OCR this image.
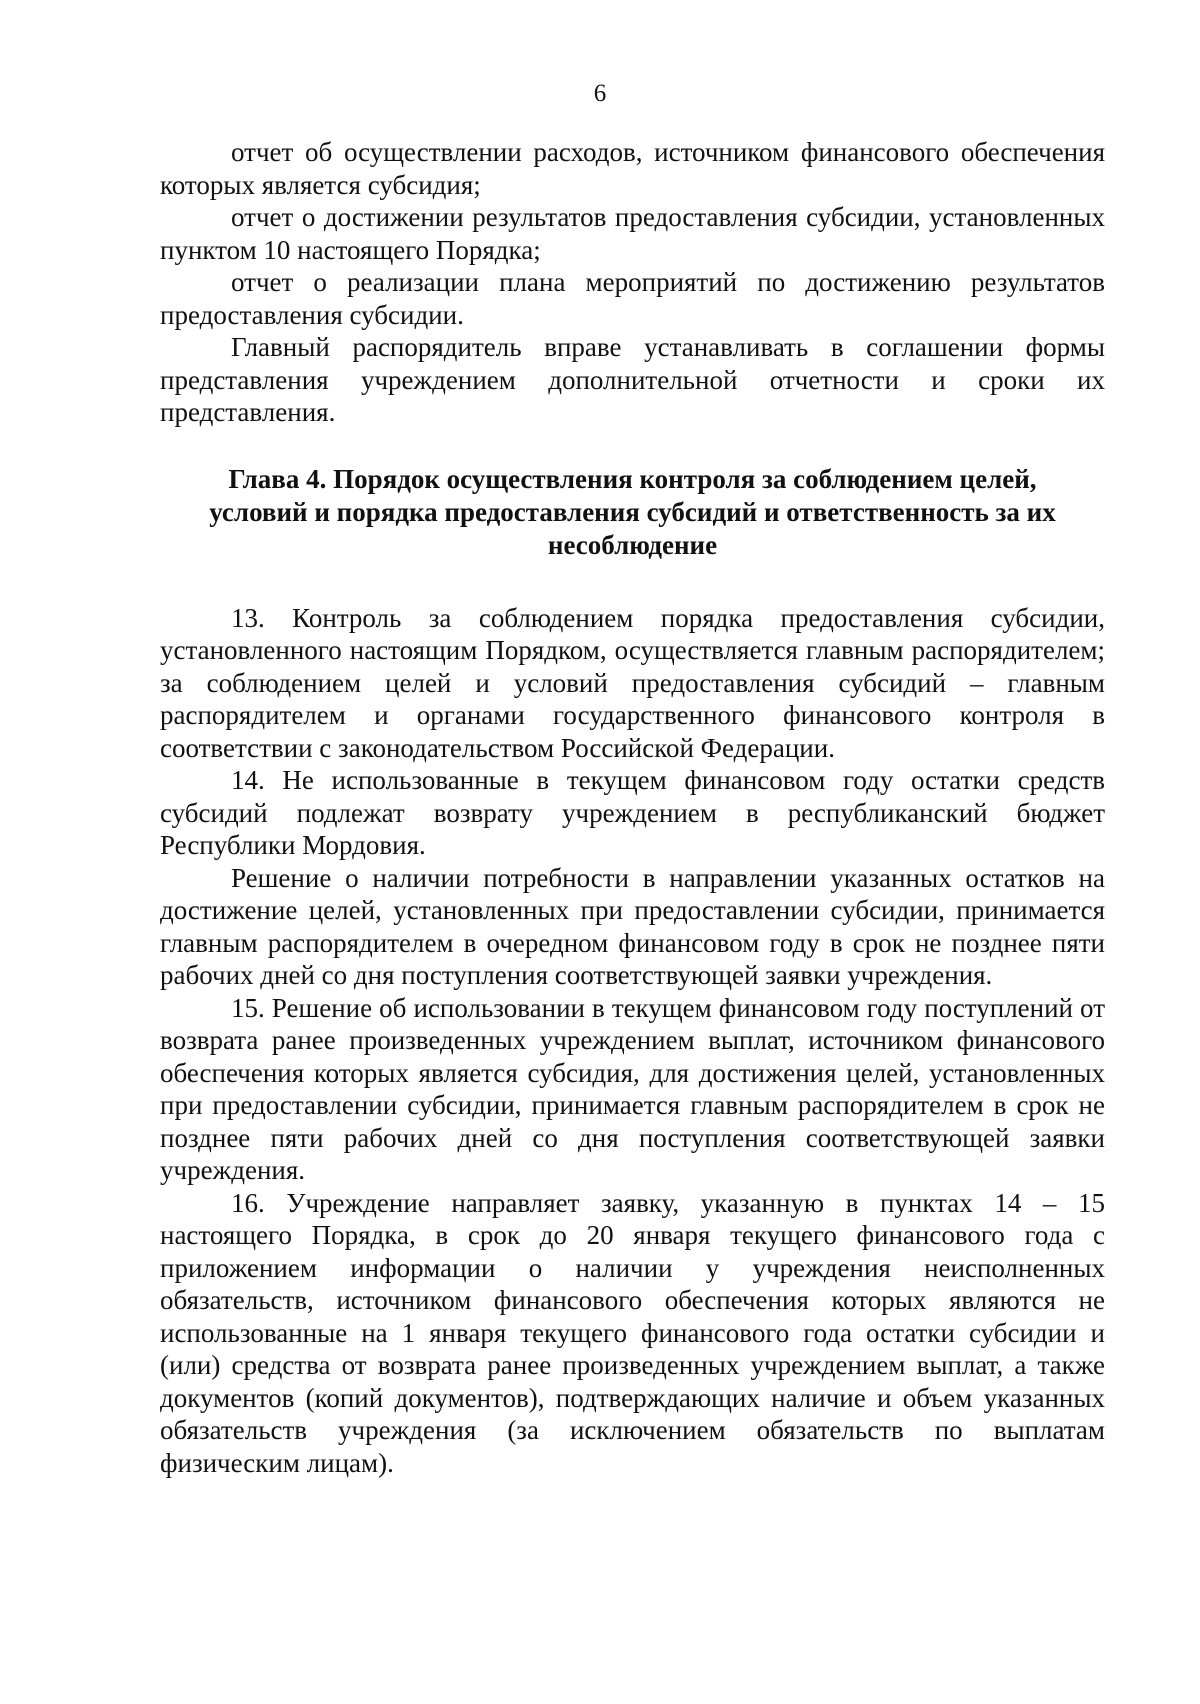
6

отчет об осуществлении расходов, источником финансового обеспечения которых является субсидия;

отчет о достижении результатов предоставления субсидии, установленных пунктом 10 настоящего Порядка;

отчет о реализации плана мероприятий по достижению результатов предоставления субсидии.

Главный распорядитель вправе устанавливать в соглашении формы представления учреждением дополнительной отчетности и сроки их представления.

Глава 4. Порядок осуществления контроля за соблюдением целей,
условий и порядка предоставления субсидий и ответственность за их
несоблюдение

13. Контроль за соблюдением порядка предоставления субсидии, установленного настоящим Порядком, осуществляется главным распорядителем; за соблюдением целей и условий предоставления субсидий – главным распорядителем и органами государственного финансового контроля в соответствии с законодательством Российской Федерации.

14. Не использованные в текущем финансовом году остатки средств субсидий подлежат возврату учреждением в республиканский бюджет Республики Мордовия.

Решение о наличии потребности в направлении указанных остатков на достижение целей, установленных при предоставлении субсидии, принимается главным распорядителем в очередном финансовом году в срок не позднее пяти рабочих дней со дня поступления соответствующей заявки учреждения.

15. Решение об использовании в текущем финансовом году поступлений от возврата ранее произведенных учреждением выплат, источником финансового обеспечения которых является субсидия, для достижения целей, установленных при предоставлении субсидии, принимается главным распорядителем в срок не позднее пяти рабочих дней со дня поступления соответствующей заявки учреждения.

16. Учреждение направляет заявку, указанную в пунктах 14 – 15 настоящего Порядка, в срок до 20 января текущего финансового года с приложением информации о наличии у учреждения неисполненных обязательств, источником финансового обеспечения которых являются не использованные на 1 января текущего финансового года остатки субсидии и (или) средства от возврата ранее произведенных учреждением выплат, а также документов (копий документов), подтверждающих наличие и объем указанных обязательств учреждения (за исключением обязательств по выплатам физическим лицам).
